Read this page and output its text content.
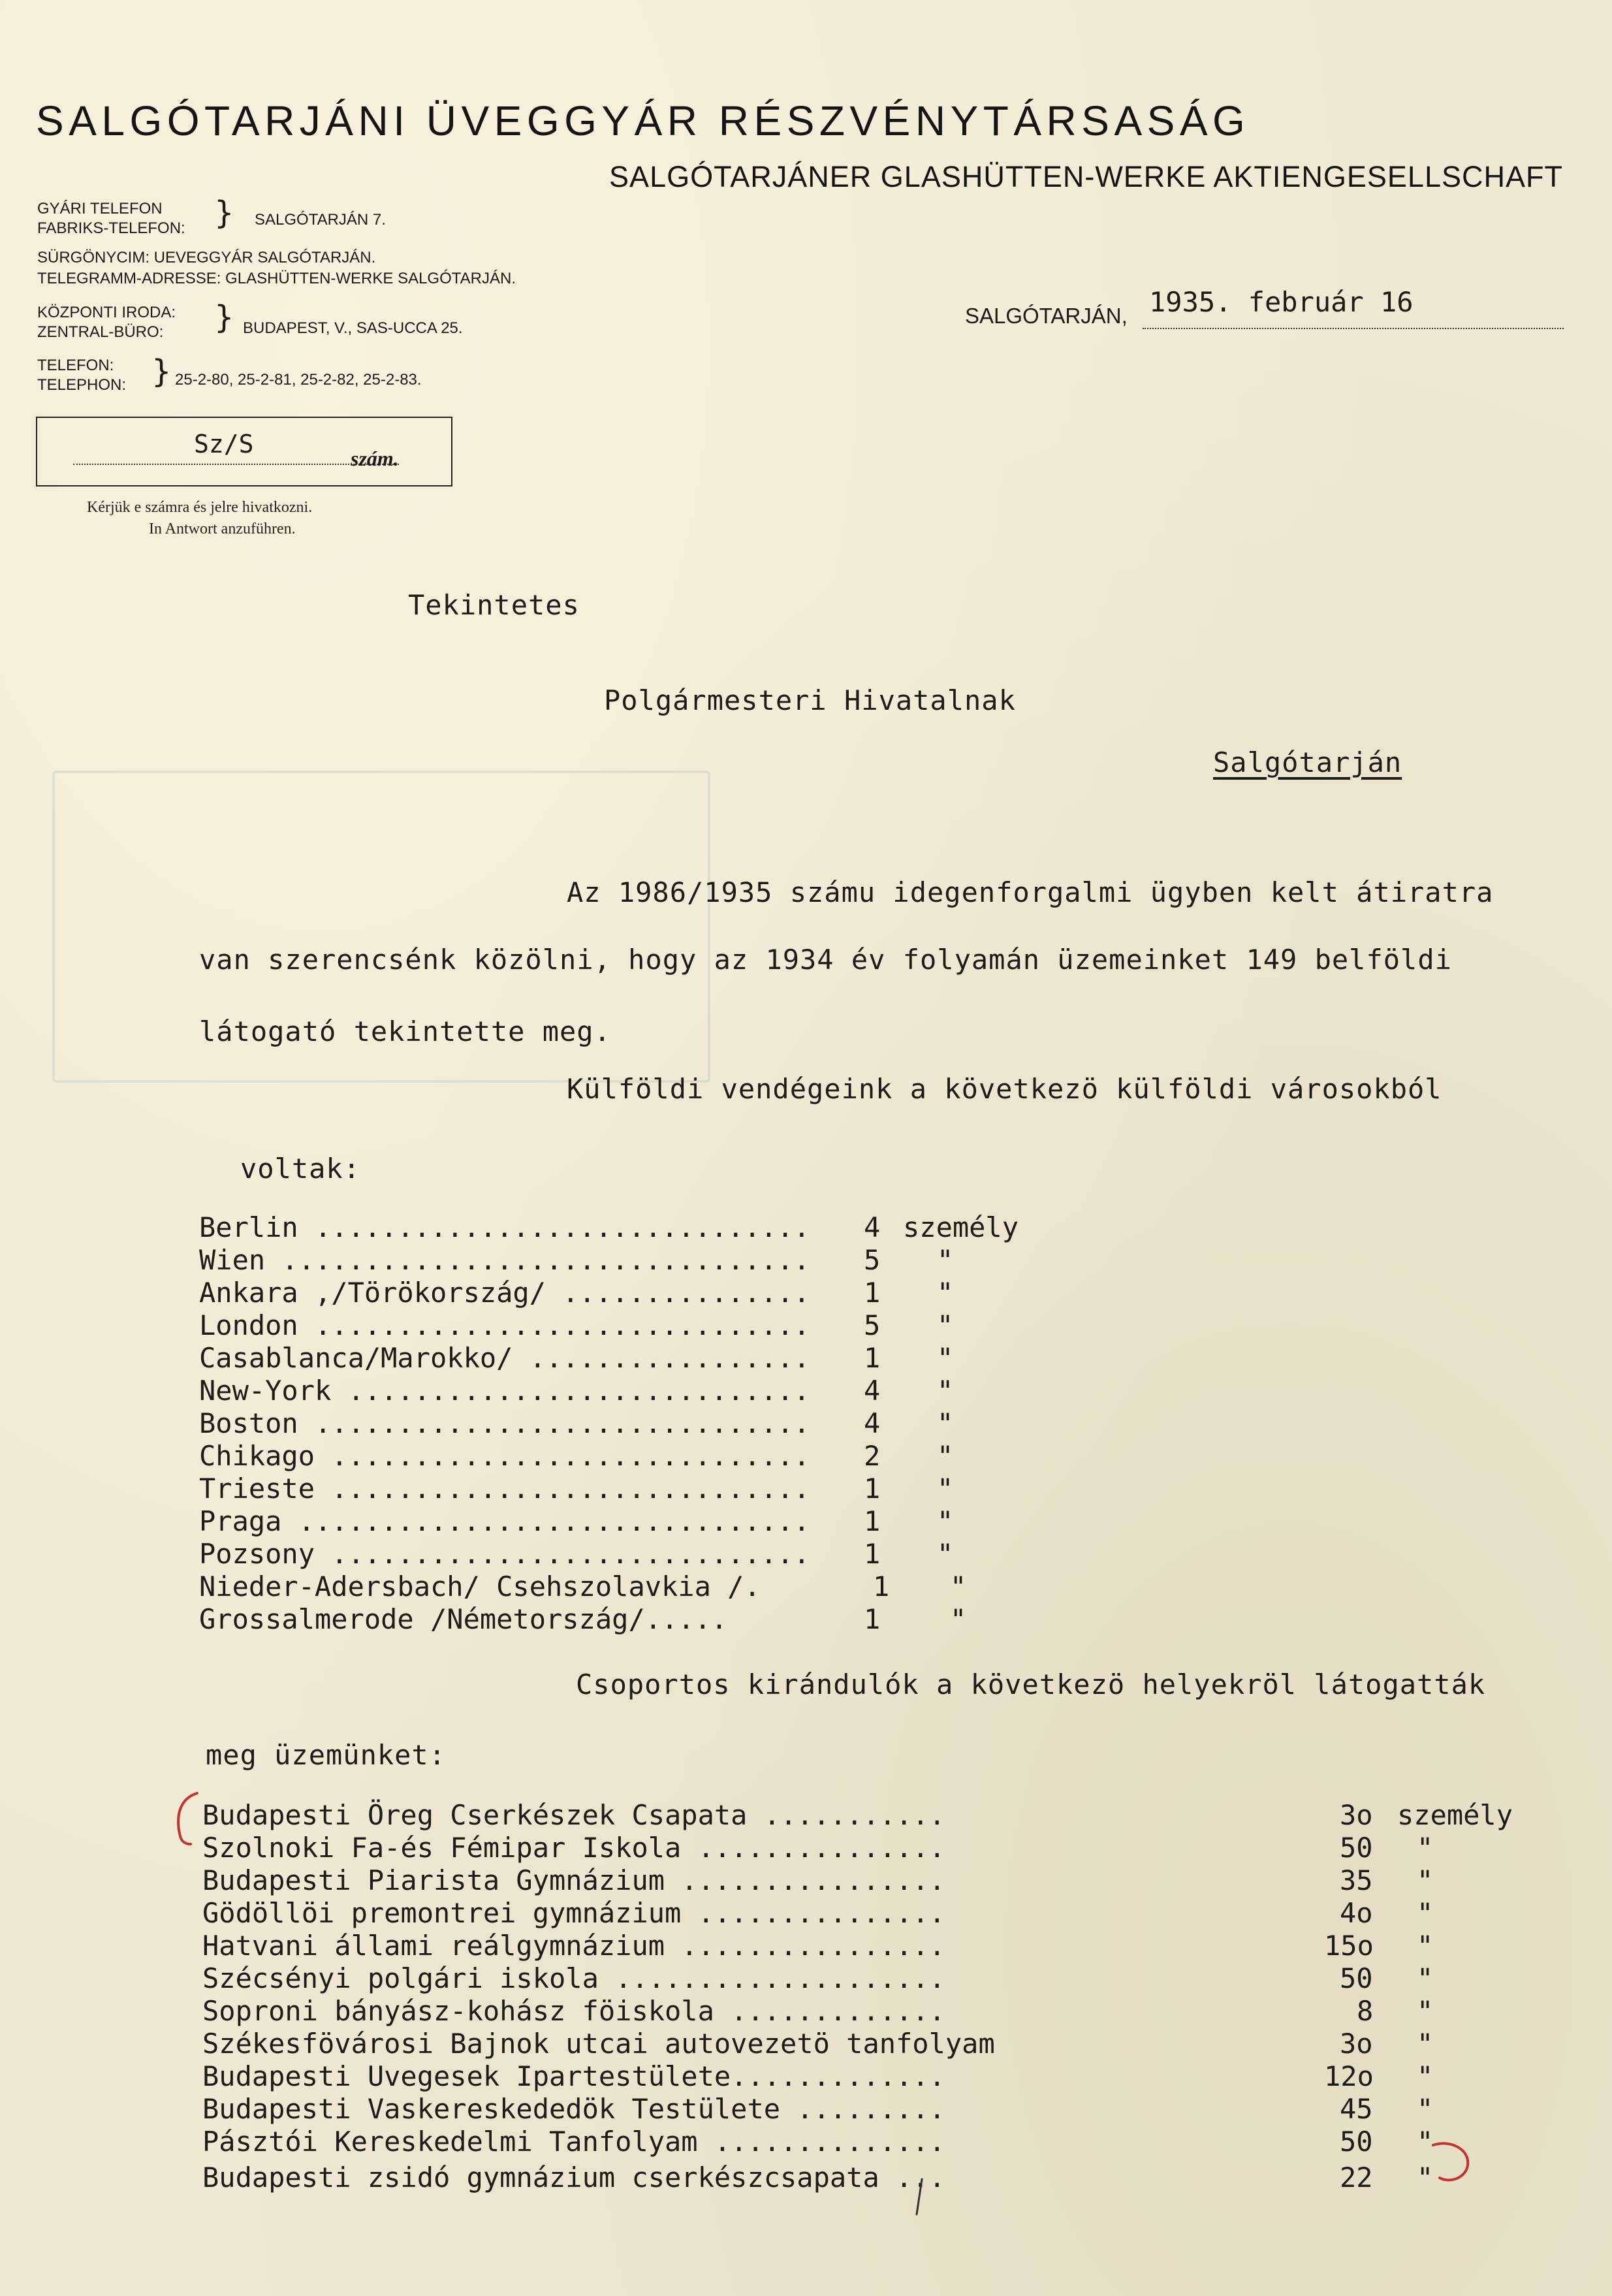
SALGÓTARJÁNI ÜVEGGYÁR RÉSZVÉNYTÁRSASÁG
SALGÓTARJÁNER GLASHÜTTEN-WERKE AKTIENGESELLSCHAFT
GYÁRI TELEFON
FABRIKS-TELEFON: } SALGÓTARJÁN 7.
SÜRGÖNYCIM: UEVEGGYÁR SALGÓTARJÁN.
TELEGRAMM-ADRESSE: GLASHÜTTEN-WERKE SALGÓTARJÁN.
KÖZPONTI IRODA:
ZENTRAL-BÜRO:	} BUDAPEST, V., SAS-UCCA 25.
TELEFON:
TELEPHON: } 25-2-80, 25-2-81, 25-2-82, 25-2-83.
Sz/S	szám.
Kérjük e számra és jelre hivatkozni.
In Antwort anzuführen.
SALGÓTARJÁN, 1935. február 16
Tekintetes
Polgármesteri Hivatalnak
Salgótarján
Az 1986/1935 számu idegenforgalmi ügyben kelt átiratra
van szerencsénk közölni, hogy az 1934 év folyamán üzemeinket 149 belföldi
látogató tekintette meg.
Külföldi vendégeink a következö külföldi városokból
voltak:
Berlin .............................. 4 személy
Wien ................................ 5 "
Ankara ,/Törökország/ ............... 1 "
London .............................. 5 "
Casablanca/Marokko/ ................. 1 "
New-York ............................ 4 "
Boston .............................. 4 "
Chikago ............................. 2 "
Trieste ............................. 1 "
Praga ............................... 1 "
Pozsony ............................. 1 "
Nieder-Adersbach/ Csehszolavkia /.	1 "
Grossalmerode /Németország/.....	1	"
Csoportos kirándulók a következö helyekröl látogatták
meg üzemünket:
Budapesti Öreg Cserkészek Csapata ...........	3o személy
Szolnoki Fa-és Fémipar Iskola ...............	50 "
Budapesti Piarista Gymnázium ................	35 "
Gödöllöi premontrei gymnázium ...............	4o "
Hatvani állami reálgymnázium ................	15o "
Szécsényi polgári iskola ....................	50 "
Soproni bányász-kohász föiskola .............	8 "
Székesfövárosi Bajnok utcai autovezetö tanfolyam	3o "
Budapesti Uvegesek Ipartestülete.............	12o "
Budapesti Vaskereskededök Testülete .........	45 "
Pásztói Kereskedelmi Tanfolyam ..............	50 "
Budapesti zsidó gymnázium cserkészcsapata ...	22 "
